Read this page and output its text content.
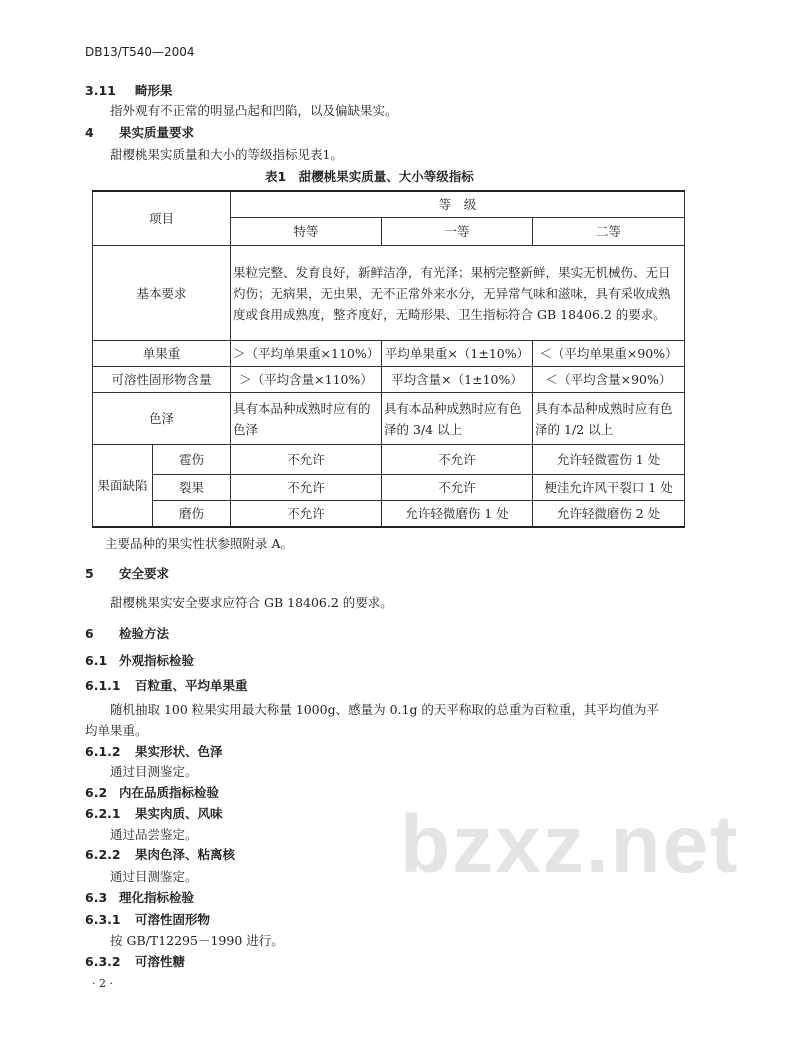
bzxz.net
DB13/T540—2004
3.11 畸形果
指外观有不正常的明显凸起和凹陷，以及偏缺果实。
4 果实质量要求
甜樱桃果实质量和大小的等级指标见表1。
表1　甜樱桃果实质量、大小等级指标
项目		等　级		
		特等	一等	二等
基本要求		果粒完整、发育良好，新鲜洁净，有光泽；果柄完整新鲜，果实无机械伤、无日灼伤；无病果，无虫果，无不正常外来水分，无异常气味和滋味，具有采收成熟度或食用成熟度，整齐度好，无畸形果、卫生指标符合 GB 18406.2 的要求。		
单果重		＞（平均单果重×110%）	平均单果重×（1±10%）	＜（平均单果重×90%）
可溶性固形物含量		＞（平均含量×110%）	平均含量×（1±10%）	＜（平均含量×90%）
色泽		具有本品种成熟时应有的色泽	具有本品种成熟时应有色泽的 3/4 以上	具有本品种成熟时应有色泽的 1/2 以上
果面缺陷	雹伤	不允许	不允许	允许轻微雹伤 1 处
	裂果	不允许	不允许	梗洼允许风干裂口 1 处
	磨伤	不允许	允许轻微磨伤 1 处	允许轻微磨伤 2 处
主要品种的果实性状参照附录 A。
5 安全要求
甜樱桃果实安全要求应符合 GB 18406.2 的要求。
6 检验方法
6.1 外观指标检验
6.1.1 百粒重、平均单果重
随机抽取 100 粒果实用最大称量 1000g、感量为 0.1g 的天平称取的总重为百粒重，其平均值为平
均单果重。
6.1.2 果实形状、色泽
通过目测鉴定。
6.2 内在品质指标检验
6.2.1 果实肉质、风味
通过品尝鉴定。
6.2.2 果肉色泽、粘离核
通过目测鉴定。
6.3 理化指标检验
6.3.1 可溶性固形物
按 GB/T12295－1990 进行。
6.3.2 可溶性糖
· 2 ·
